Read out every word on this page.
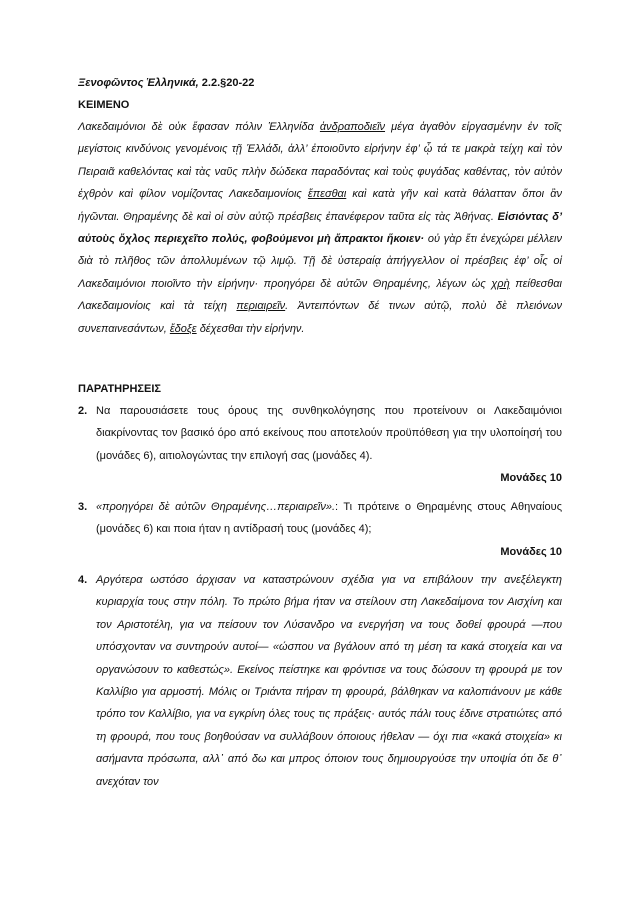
Ξενοφῶντος Ἑλληνικά, 2.2.§20-22

ΚΕΙΜΕΝΟ

Λακεδαιμόνιοι δὲ οὐκ ἔφασαν πόλιν Ἑλληνίδα ἀνδραποδιεῖν μέγα ἀγαθὸν εἰργασμένην ἐν τοῖς μεγίστοις κινδύνοις γενομένοις τῇ Ἑλλάδι, ἀλλ’ ἐποιοῦντο εἰρήνην ἐφ’ ᾧ τά τε μακρὰ τείχη καὶ τὸν Πειραιᾶ καθελόντας καὶ τὰς ναῦς πλὴν δώδεκα παραδόντας καὶ τοὺς φυγάδας καθέντας, τὸν αὐτὸν ἐχθρὸν καὶ φίλον νομίζοντας Λακεδαιμονίοις ἕπεσθαι καὶ κατὰ γῆν καὶ κατὰ θάλατταν ὅποι ἂν ἡγῶνται. Θηραμένης δὲ καὶ οἱ σὺν αὐτῷ πρέσβεις ἐπανέφερον ταῦτα εἰς τὰς Ἀθήνας. Εἰσιόντας δ’ αὐτοὺς ὄχλος περιεχεῖτο πολύς, φοβούμενοι μὴ ἄπρακτοι ἥκοιεν· οὐ γὰρ ἔτι ἐνεχώρει μέλλειν διὰ τὸ πλῆθος τῶν ἀπολλυμένων τῷ λιμῷ. Τῇ δὲ ὑστεραίᾳ ἀπήγγελλον οἱ πρέσβεις ἐφ’ οἷς οἱ Λακεδαιμόνιοι ποιοῖντο τὴν εἰρήνην· προηγόρει δὲ αὐτῶν Θηραμένης, λέγων ὡς χρὴ πείθεσθαι Λακεδαιμονίοις καὶ τὰ τείχη περιαιρεῖν. Ἀντειπόντων δέ τινων αὐτῷ, πολὺ δὲ πλειόνων συνεπαινεσάντων, ἔδοξε δέχεσθαι τὴν εἰρήνην.

ΠΑΡΑΤΗΡΗΣΕΙΣ

2. Να παρουσιάσετε τους όρους της συνθηκολόγησης που προτείνουν οι Λακεδαιμόνιοι διακρίνοντας τον βασικό όρο από εκείνους που αποτελούν προϋπόθεση για την υλοποίησή του (μονάδες 6), αιτιολογώντας την επιλογή σας (μονάδες 4).

Μονάδες 10

3. «προηγόρει δὲ αὐτῶν Θηραμένης…περιαιρεῖν».: Τι πρότεινε ο Θηραμένης στους Αθηναίους (μονάδες 6) και ποια ήταν η αντίδρασή τους (μονάδες 4);

Μονάδες 10

4. Αργότερα ωστόσο άρχισαν να καταστρώνουν σχέδια για να επιβάλουν την ανεξέλεγκτη κυριαρχία τους στην πόλη. Το πρώτο βήμα ήταν να στείλουν στη Λακεδαίμονα τον Αισχίνη και τον Αριστοτέλη, για να πείσουν τον Λύσανδρο να ενεργήση να τους δοθεί φρουρά —που υπόσχονταν να συντηρούν αυτοί— «ώσπου να βγάλουν από τη μέση τα κακά στοιχεία και να οργανώσουν το καθεστώς». Εκείνος πείστηκε και φρόντισε να τους δώσουν τη φρουρά με τον Καλλίβιο για αρμοστή. Μόλις οι Τριάντα πήραν τη φρουρά, βάλθηκαν να καλοπιάνουν με κάθε τρόπο τον Καλλίβιο, για να εγκρίνη όλες τους τις πράξεις· αυτός πάλι τους έδινε στρατιώτες από τη φρουρά, που τους βοηθούσαν να συλλάβουν όποιους ήθελαν — όχι πια «κακά στοιχεία» κι ασήμαντα πρόσωπα, αλλ᾽ από δω και μπρος όποιον τους δημιουργούσε την υποψία ότι δε θ᾽ ανεχόταν τον
